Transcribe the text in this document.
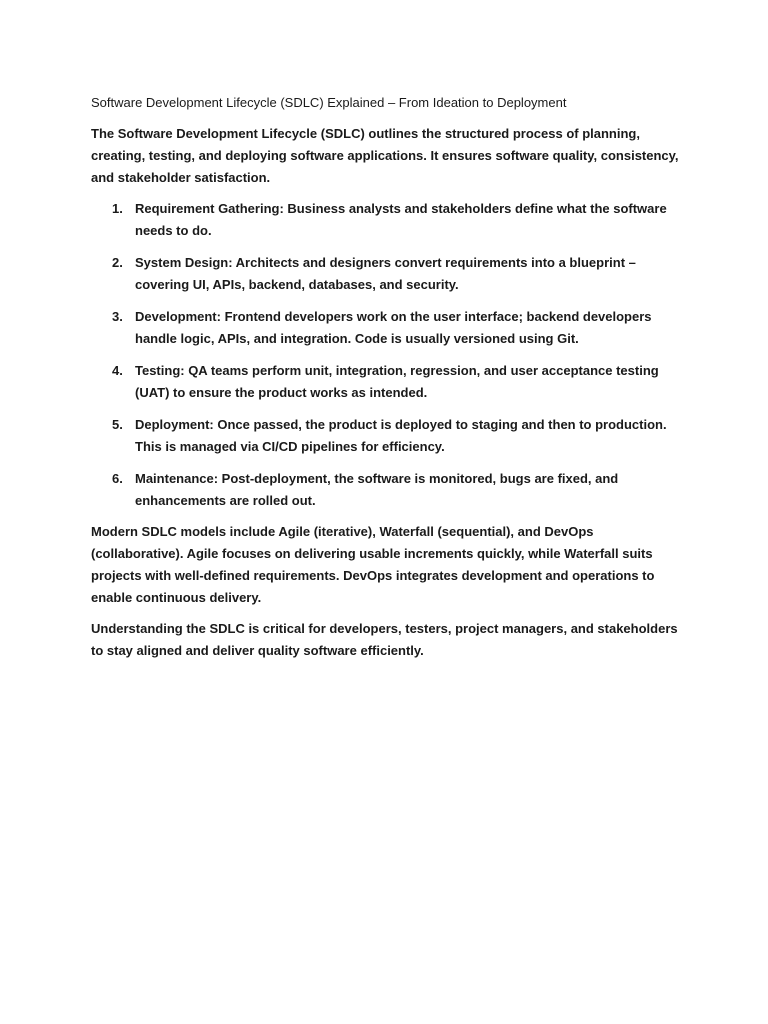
Software Development Lifecycle (SDLC) Explained – From Ideation to Deployment

The Software Development Lifecycle (SDLC) outlines the structured process of planning, creating, testing, and deploying software applications. It ensures software quality, consistency, and stakeholder satisfaction.

1. Requirement Gathering: Business analysts and stakeholders define what the software needs to do.
2. System Design: Architects and designers convert requirements into a blueprint – covering UI, APIs, backend, databases, and security.
3. Development: Frontend developers work on the user interface; backend developers handle logic, APIs, and integration. Code is usually versioned using Git.
4. Testing: QA teams perform unit, integration, regression, and user acceptance testing (UAT) to ensure the product works as intended.
5. Deployment: Once passed, the product is deployed to staging and then to production. This is managed via CI/CD pipelines for efficiency.
6. Maintenance: Post-deployment, the software is monitored, bugs are fixed, and enhancements are rolled out.

Modern SDLC models include Agile (iterative), Waterfall (sequential), and DevOps (collaborative). Agile focuses on delivering usable increments quickly, while Waterfall suits projects with well-defined requirements. DevOps integrates development and operations to enable continuous delivery.

Understanding the SDLC is critical for developers, testers, project managers, and stakeholders to stay aligned and deliver quality software efficiently.
